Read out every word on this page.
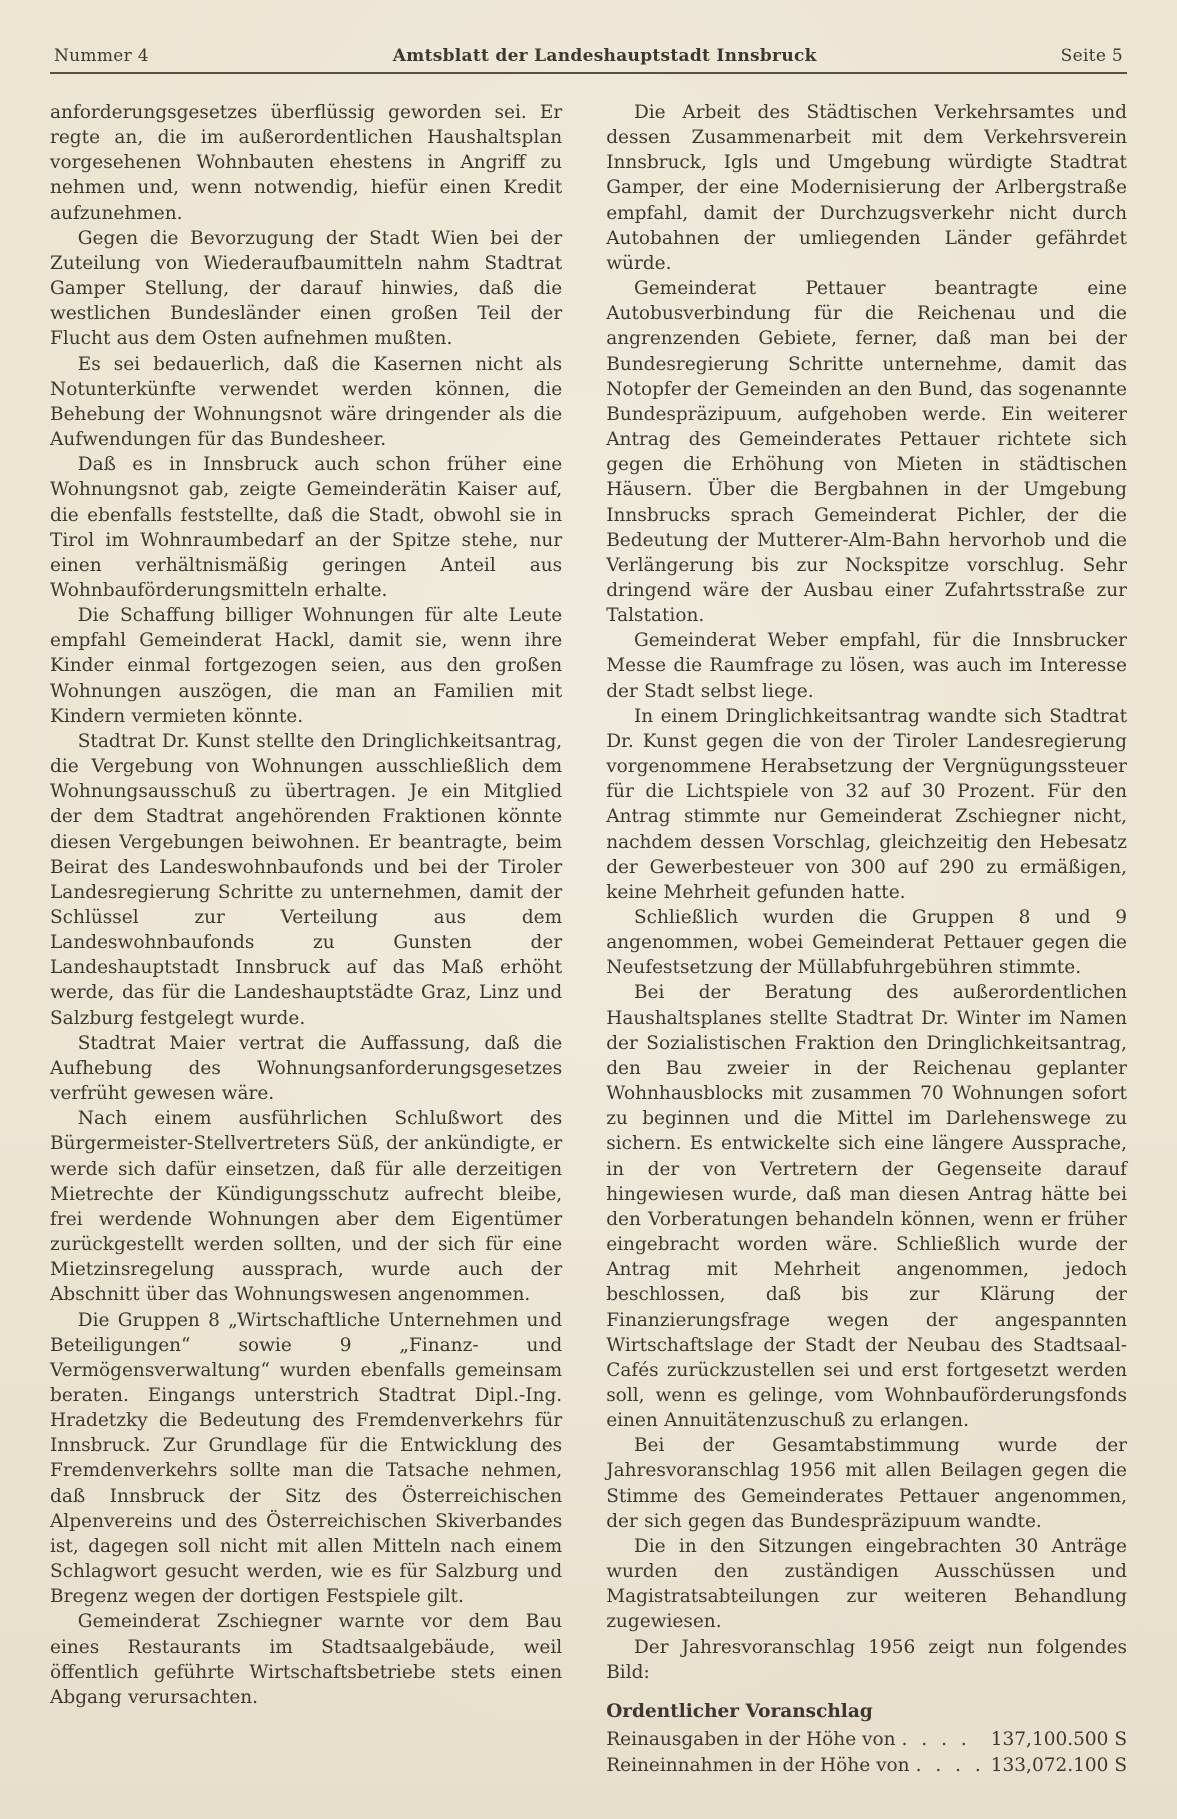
Nummer 4	Amtsblatt der Landeshauptstadt Innsbruck	Seite 5

anforderungsgesetzes überflüssig geworden sei. Er regte an, die im außerordentlichen Haushaltsplan vorgesehenen Wohnbauten ehestens in Angriff zu nehmen und, wenn notwendig, hiefür einen Kredit aufzunehmen.

Gegen die Bevorzugung der Stadt Wien bei der Zuteilung von Wiederaufbaumitteln nahm Stadtrat Gamper Stellung, der darauf hinwies, daß die westlichen Bundesländer einen großen Teil der Flucht aus dem Osten aufnehmen mußten.

Es sei bedauerlich, daß die Kasernen nicht als Notunterkünfte verwendet werden können, die Behebung der Wohnungsnot wäre dringender als die Aufwendungen für das Bundesheer.

Daß es in Innsbruck auch schon früher eine Wohnungsnot gab, zeigte Gemeinderätin Kaiser auf, die ebenfalls feststellte, daß die Stadt, obwohl sie in Tirol im Wohnraumbedarf an der Spitze stehe, nur einen verhältnismäßig geringen Anteil aus Wohnbauförderungsmitteln erhalte.

Die Schaffung billiger Wohnungen für alte Leute empfahl Gemeinderat Hackl, damit sie, wenn ihre Kinder einmal fortgezogen seien, aus den großen Wohnungen auszögen, die man an Familien mit Kindern vermieten könnte.

Stadtrat Dr. Kunst stellte den Dringlichkeitsantrag, die Vergebung von Wohnungen ausschließlich dem Wohnungsausschuß zu übertragen. Je ein Mitglied der dem Stadtrat angehörenden Fraktionen könnte diesen Vergebungen beiwohnen. Er beantragte, beim Beirat des Landeswohnbaufonds und bei der Tiroler Landesregierung Schritte zu unternehmen, damit der Schlüssel zur Verteilung aus dem Landeswohnbaufonds zu Gunsten der Landeshauptstadt Innsbruck auf das Maß erhöht werde, das für die Landeshauptstädte Graz, Linz und Salzburg festgelegt wurde.

Stadtrat Maier vertrat die Auffassung, daß die Aufhebung des Wohnungsanforderungsgesetzes verfrüht gewesen wäre.

Nach einem ausführlichen Schlußwort des Bürgermeister-Stellvertreters Süß, der ankündigte, er werde sich dafür einsetzen, daß für alle derzeitigen Mietrechte der Kündigungsschutz aufrecht bleibe, frei werdende Wohnungen aber dem Eigentümer zurückgestellt werden sollten, und der sich für eine Mietzinsregelung aussprach, wurde auch der Abschnitt über das Wohnungswesen angenommen.

Die Gruppen 8 „Wirtschaftliche Unternehmen und Beteiligungen“ sowie 9 „Finanz- und Vermögensverwaltung“ wurden ebenfalls gemeinsam beraten. Eingangs unterstrich Stadtrat Dipl.-Ing. Hradetzky die Bedeutung des Fremdenverkehrs für Innsbruck. Zur Grundlage für die Entwicklung des Fremdenverkehrs sollte man die Tatsache nehmen, daß Innsbruck der Sitz des Österreichischen Alpenvereins und des Österreichischen Skiverbandes ist, dagegen soll nicht mit allen Mitteln nach einem Schlagwort gesucht werden, wie es für Salzburg und Bregenz wegen der dortigen Festspiele gilt.

Gemeinderat Zschiegner warnte vor dem Bau eines Restaurants im Stadtsaalgebäude, weil öffentlich geführte Wirtschaftsbetriebe stets einen Abgang verursachten.

Die Arbeit des Städtischen Verkehrsamtes und dessen Zusammenarbeit mit dem Verkehrsverein Innsbruck, Igls und Umgebung würdigte Stadtrat Gamper, der eine Modernisierung der Arlbergstraße empfahl, damit der Durchzugsverkehr nicht durch Autobahnen der umliegenden Länder gefährdet würde.

Gemeinderat Pettauer beantragte eine Autobusverbindung für die Reichenau und die angrenzenden Gebiete, ferner, daß man bei der Bundesregierung Schritte unternehme, damit das Notopfer der Gemeinden an den Bund, das sogenannte Bundespräzipuum, aufgehoben werde. Ein weiterer Antrag des Gemeinderates Pettauer richtete sich gegen die Erhöhung von Mieten in städtischen Häusern. Über die Bergbahnen in der Umgebung Innsbrucks sprach Gemeinderat Pichler, der die Bedeutung der Mutterer-Alm-Bahn hervorhob und die Verlängerung bis zur Nockspitze vorschlug. Sehr dringend wäre der Ausbau einer Zufahrtsstraße zur Talstation.

Gemeinderat Weber empfahl, für die Innsbrucker Messe die Raumfrage zu lösen, was auch im Interesse der Stadt selbst liege.

In einem Dringlichkeitsantrag wandte sich Stadtrat Dr. Kunst gegen die von der Tiroler Landesregierung vorgenommene Herabsetzung der Vergnügungssteuer für die Lichtspiele von 32 auf 30 Prozent. Für den Antrag stimmte nur Gemeinderat Zschiegner nicht, nachdem dessen Vorschlag, gleichzeitig den Hebesatz der Gewerbesteuer von 300 auf 290 zu ermäßigen, keine Mehrheit gefunden hatte.

Schließlich wurden die Gruppen 8 und 9 angenommen, wobei Gemeinderat Pettauer gegen die Neufestsetzung der Müllabfuhrgebühren stimmte.

Bei der Beratung des außerordentlichen Haushaltsplanes stellte Stadtrat Dr. Winter im Namen der Sozialistischen Fraktion den Dringlichkeitsantrag, den Bau zweier in der Reichenau geplanter Wohnhausblocks mit zusammen 70 Wohnungen sofort zu beginnen und die Mittel im Darlehenswege zu sichern. Es entwickelte sich eine längere Aussprache, in der von Vertretern der Gegenseite darauf hingewiesen wurde, daß man diesen Antrag hätte bei den Vorberatungen behandeln können, wenn er früher eingebracht worden wäre. Schließlich wurde der Antrag mit Mehrheit angenommen, jedoch beschlossen, daß bis zur Klärung der Finanzierungsfrage wegen der angespannten Wirtschaftslage der Stadt der Neubau des Stadtsaal-Cafés zurückzustellen sei und erst fortgesetzt werden soll, wenn es gelinge, vom Wohnbauförderungsfonds einen Annuitätenzuschuß zu erlangen.

Bei der Gesamtabstimmung wurde der Jahresvoranschlag 1956 mit allen Beilagen gegen die Stimme des Gemeinderates Pettauer angenommen, der sich gegen das Bundespräzipuum wandte.

Die in den Sitzungen eingebrachten 30 Anträge wurden den zuständigen Ausschüssen und Magistratsabteilungen zur weiteren Behandlung zugewiesen.

Der Jahresvoranschlag 1956 zeigt nun folgendes Bild:

Ordentlicher Voranschlag
Reinausgaben in der Höhe von . . . .	137,100.500 S
Reineinnahmen in der Höhe von . . . . 133,072.100 S
